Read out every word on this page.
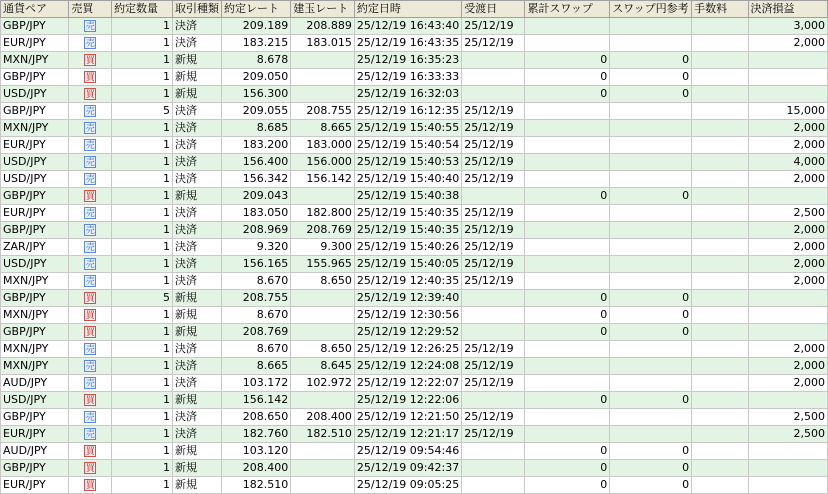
通貨ペア	売買	約定数量	取引種類	約定レート	建玉レート	約定日時	受渡日	累計スワップ	スワップ円参考	手数料	決済損益
GBP/JPY	売	1	決済	209.189	208.889	25/12/19 16:43:40	25/12/19				3,000
EUR/JPY	売	1	決済	183.215	183.015	25/12/19 16:43:35	25/12/19				2,000
MXN/JPY	買	1	新規	8.678		25/12/19 16:35:23		0	0		
GBP/JPY	買	1	新規	209.050		25/12/19 16:33:33		0	0		
USD/JPY	買	1	新規	156.300		25/12/19 16:32:03		0	0		
GBP/JPY	売	5	決済	209.055	208.755	25/12/19 16:12:35	25/12/19				15,000
MXN/JPY	売	1	決済	8.685	8.665	25/12/19 15:40:55	25/12/19				2,000
EUR/JPY	売	1	決済	183.200	183.000	25/12/19 15:40:54	25/12/19				2,000
USD/JPY	売	1	決済	156.400	156.000	25/12/19 15:40:53	25/12/19				4,000
USD/JPY	売	1	決済	156.342	156.142	25/12/19 15:40:40	25/12/19				2,000
GBP/JPY	買	1	新規	209.043		25/12/19 15:40:38		0	0		
EUR/JPY	売	1	決済	183.050	182.800	25/12/19 15:40:35	25/12/19				2,500
GBP/JPY	売	1	決済	208.969	208.769	25/12/19 15:40:35	25/12/19				2,000
ZAR/JPY	売	1	決済	9.320	9.300	25/12/19 15:40:26	25/12/19				2,000
USD/JPY	売	1	決済	156.165	155.965	25/12/19 15:40:05	25/12/19				2,000
MXN/JPY	売	1	決済	8.670	8.650	25/12/19 12:40:35	25/12/19				2,000
GBP/JPY	買	5	新規	208.755		25/12/19 12:39:40		0	0		
MXN/JPY	買	1	新規	8.670		25/12/19 12:30:56		0	0		
GBP/JPY	買	1	新規	208.769		25/12/19 12:29:52		0	0		
MXN/JPY	売	1	決済	8.670	8.650	25/12/19 12:26:25	25/12/19				2,000
MXN/JPY	売	1	決済	8.665	8.645	25/12/19 12:24:08	25/12/19				2,000
AUD/JPY	売	1	決済	103.172	102.972	25/12/19 12:22:07	25/12/19				2,000
USD/JPY	買	1	新規	156.142		25/12/19 12:22:06		0	0		
GBP/JPY	売	1	決済	208.650	208.400	25/12/19 12:21:50	25/12/19				2,500
EUR/JPY	売	1	決済	182.760	182.510	25/12/19 12:21:17	25/12/19				2,500
AUD/JPY	買	1	新規	103.120		25/12/19 09:54:46		0	0		
GBP/JPY	買	1	新規	208.400		25/12/19 09:42:37		0	0		
EUR/JPY	買	1	新規	182.510		25/12/19 09:05:25		0	0		
